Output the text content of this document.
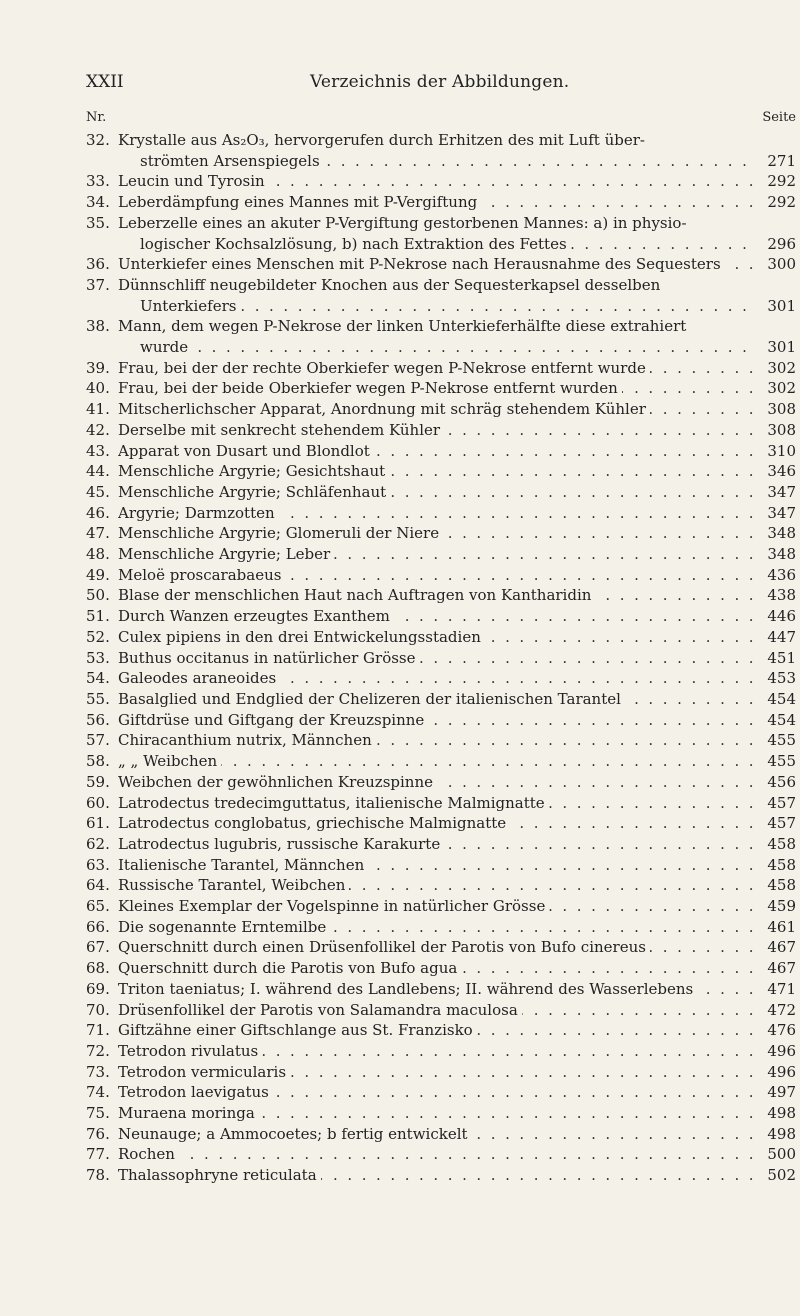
XXII	Verzeichnis der Abbildungen.
Nr.	Seite
32. Krystalle aus As₂O₃, hervorgerufen durch Erhitzen des mit Luft über-
strömten Arsenspiegels . . .	271
33. Leucin und Tyrosin . . .	292
34. Leberdämpfung eines Mannes mit P-Vergiftung . . .	292
35. Leberzelle eines an akuter P-Vergiftung gestorbenen Mannes: a) in physio-
logischer Kochsalzlösung, b) nach Extraktion des Fettes . . .	296
36. Unterkiefer eines Menschen mit P-Nekrose nach Herausnahme des Sequesters . . .	300
37. Dünnschliff neugebildeter Knochen aus der Sequesterkapsel desselben
Unterkiefers . . .	301
38. Mann, dem wegen P-Nekrose der linken Unterkieferhälfte diese extrahiert
wurde . . .	301
39. Frau, bei der der rechte Oberkiefer wegen P-Nekrose entfernt wurde . . .	302
40. Frau, bei der beide Oberkiefer wegen P-Nekrose entfernt wurden . . .	302
41. Mitscherlichscher Apparat, Anordnung mit schräg stehendem Kühler . . .	308
42. Derselbe mit senkrecht stehendem Kühler . . .	308
43. Apparat von Dusart und Blondlot . . .	310
44. Menschliche Argyrie; Gesichtshaut . . .	346
45. Menschliche Argyrie; Schläfenhaut . . .	347
46. Argyrie; Darmzotten . . .	347
47. Menschliche Argyrie; Glomeruli der Niere . . .	348
48. Menschliche Argyrie; Leber . . .	348
49. Meloë proscarabaeus . . .	436
50. Blase der menschlichen Haut nach Auftragen von Kantharidin . . .	438
51. Durch Wanzen erzeugtes Exanthem . . .	446
52. Culex pipiens in den drei Entwickelungsstadien . . .	447
53. Buthus occitanus in natürlicher Grösse . . .	451
54. Galeodes araneoides . . .	453
55. Basalglied und Endglied der Chelizeren der italienischen Tarantel . . .	454
56. Giftdrüse und Giftgang der Kreuzspinne . . .	454
57. Chiracanthium nutrix, Männchen . . .	455
58. „ „ Weibchen . . .	455
59. Weibchen der gewöhnlichen Kreuzspinne . . .	456
60. Latrodectus tredecimguttatus, italienische Malmignatte . . .	457
61. Latrodectus conglobatus, griechische Malmignatte . . .	457
62. Latrodectus lugubris, russische Karakurte . . .	458
63. Italienische Tarantel, Männchen . . .	458
64. Russische Tarantel, Weibchen . . .	458
65. Kleines Exemplar der Vogelspinne in natürlicher Grösse . . .	459
66. Die sogenannte Erntemilbe . . .	461
67. Querschnitt durch einen Drüsenfollikel der Parotis von Bufo cinereus . . .	467
68. Querschnitt durch die Parotis von Bufo agua . . .	467
69. Triton taeniatus; I. während des Landlebens; II. während des Wasserlebens . . .	471
70. Drüsenfollikel der Parotis von Salamandra maculosa . . .	472
71. Giftzähne einer Giftschlange aus St. Franzisko . . .	476
72. Tetrodon rivulatus . . .	496
73. Tetrodon vermicularis . . .	496
74. Tetrodon laevigatus . . .	497
75. Muraena moringa . . .	498
76. Neunauge; a Ammocoetes; b fertig entwickelt . . .	498
77. Rochen . . .	500
78. Thalassophryne reticulata . . .	502
